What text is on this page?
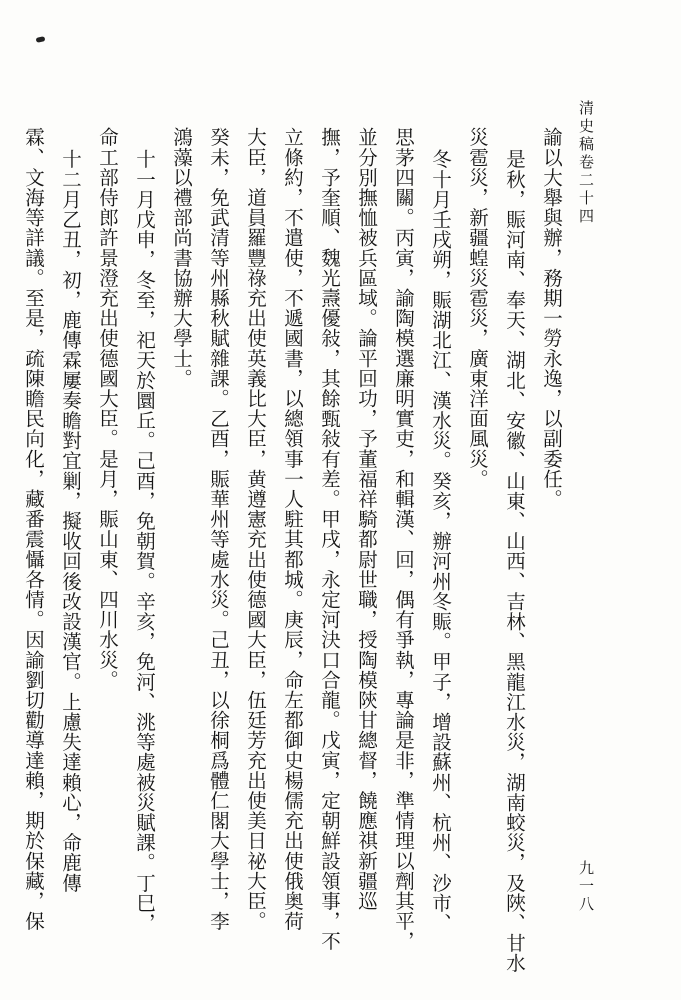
清史稿卷二十四
九一八
諭以大舉與辦，務期一勞永逸，以副委任。
是秋，賑河南、奉天、湖北、安徽、山東、山西、吉林、黑龍江水災，湖南蛟災，及陜、甘水
災雹災，新疆蝗災雹災，廣東洋面風災。
冬十月壬戌朔，賑湖北江、漢水災。癸亥，辦河州冬賑。甲子，增設蘇州、杭州、沙市、
思茅四關。丙寅，諭陶模選廉明實吏，和輯漢、回，偶有爭執，專論是非，準情理以劑其平，
並分別撫恤被兵區域。論平回功，予董福祥騎都尉世職，授陶模陝甘總督，饒應祺新疆巡
撫，予奎順、魏光燾優敍，其餘甄敍有差。甲戌，永定河決口合龍。戊寅，定朝鮮設領事，不
立條約，不遣使，不遞國書，以總領事一人駐其都城。庚辰，命左都御史楊儒充出使俄奥荷
大臣，道員羅豐祿充出使英義比大臣，黄遵憲充出使德國大臣，伍廷芳充出使美日祕大臣。
癸未，免武清等州縣秋賦雜課。乙酉，賑華州等處水災。己丑，以徐桐爲體仁閣大學士，李
鴻藻以禮部尚書協辦大學士。
十一月戊申，冬至，祀天於圜丘。己酉，免朝賀。辛亥，免河、洮等處被災賦課。丁巳，
命工部侍郎許景澄充出使德國大臣。是月，賑山東、四川水災。
十二月乙丑，初，鹿傳霖屢奏瞻對宜剿，擬收回後改設漢官。上慮失達賴心，命鹿傳
霖、文海等詳議。至是，疏陳瞻民向化，藏番震懾各情。因諭劉切勸導達賴，期於保藏，保
